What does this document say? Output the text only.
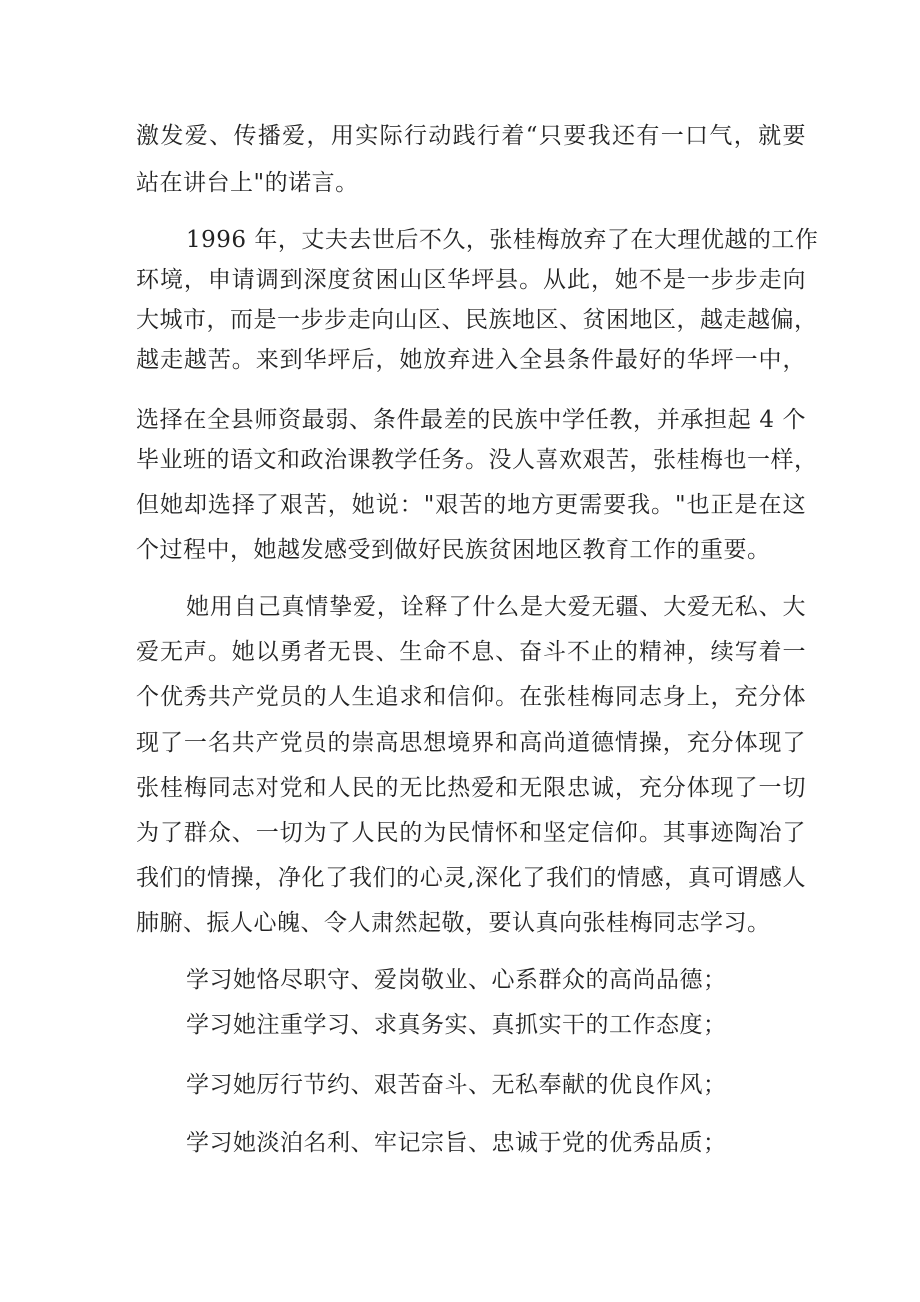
激发爱、传播爱，用实际行动践行着“只要我还有一口气，就要
站在讲台上"的诺言。
1996 年，丈夫去世后不久，张桂梅放弃了在大理优越的工作
环境，申请调到深度贫困山区华坪县。从此，她不是一步步走向
大城市，而是一步步走向山区、民族地区、贫困地区，越走越偏，
越走越苦。来到华坪后，她放弃进入全县条件最好的华坪一中，
选择在全县师资最弱、条件最差的民族中学任教，并承担起 4 个
毕业班的语文和政治课教学任务。没人喜欢艰苦，张桂梅也一样，
但她却选择了艰苦，她说："艰苦的地方更需要我。"也正是在这
个过程中，她越发感受到做好民族贫困地区教育工作的重要。
她用自己真情挚爱，诠释了什么是大爱无疆、大爱无私、大
爱无声。她以勇者无畏、生命不息、奋斗不止的精神，续写着一
个优秀共产党员的人生追求和信仰。在张桂梅同志身上，充分体
现了一名共产党员的崇高思想境界和高尚道德情操，充分体现了
张桂梅同志对党和人民的无比热爱和无限忠诚，充分体现了一切
为了群众、一切为了人民的为民情怀和坚定信仰。其事迹陶冶了
我们的情操，净化了我们的心灵,深化了我们的情感，真可谓感人
肺腑、振人心魄、令人肃然起敬，要认真向张桂梅同志学习。
学习她恪尽职守、爱岗敬业、心系群众的高尚品德；
学习她注重学习、求真务实、真抓实干的工作态度；
学习她厉行节约、艰苦奋斗、无私奉献的优良作风；
学习她淡泊名利、牢记宗旨、忠诚于党的优秀品质；
